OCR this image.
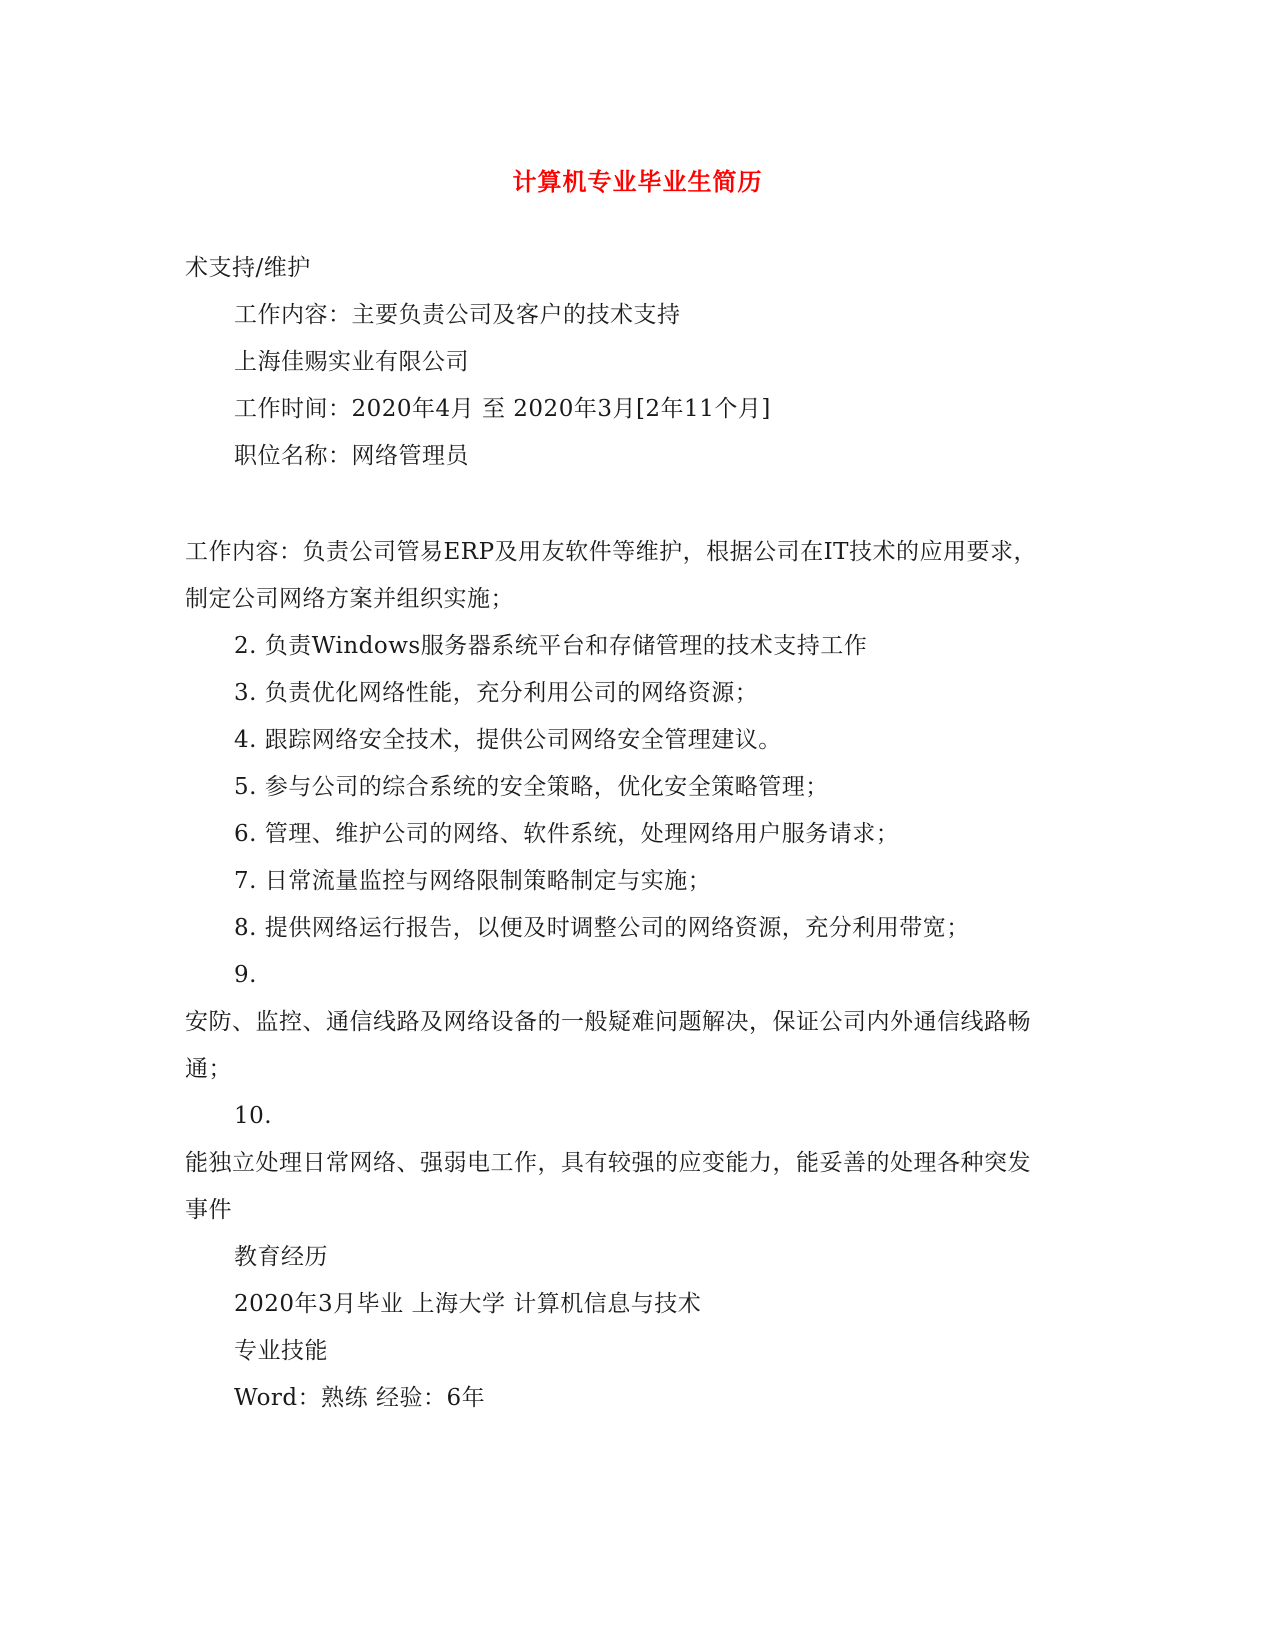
计算机专业毕业生简历
术支持/维护
工作内容：主要负责公司及客户的技术支持
上海佳赐实业有限公司
工作时间：2020年4月 至 2020年3月[2年11个月]
职位名称：网络管理员
工作内容：负责公司管易ERP及用友软件等维护，根据公司在IT技术的应用要求，
制定公司网络方案并组织实施；
2. 负责Windows服务器系统平台和存储管理的技术支持工作
3. 负责优化网络性能，充分利用公司的网络资源；
4. 跟踪网络安全技术，提供公司网络安全管理建议。
5. 参与公司的综合系统的安全策略，优化安全策略管理；
6. 管理、维护公司的网络、软件系统，处理网络用户服务请求；
7. 日常流量监控与网络限制策略制定与实施；
8. 提供网络运行报告，以便及时调整公司的网络资源，充分利用带宽；
9.
安防、监控、通信线路及网络设备的一般疑难问题解决，保证公司内外通信线路畅
通；
10.
能独立处理日常网络、强弱电工作，具有较强的应变能力，能妥善的处理各种突发
事件
教育经历
2020年3月毕业 上海大学 计算机信息与技术
专业技能
Word：熟练 经验：6年
